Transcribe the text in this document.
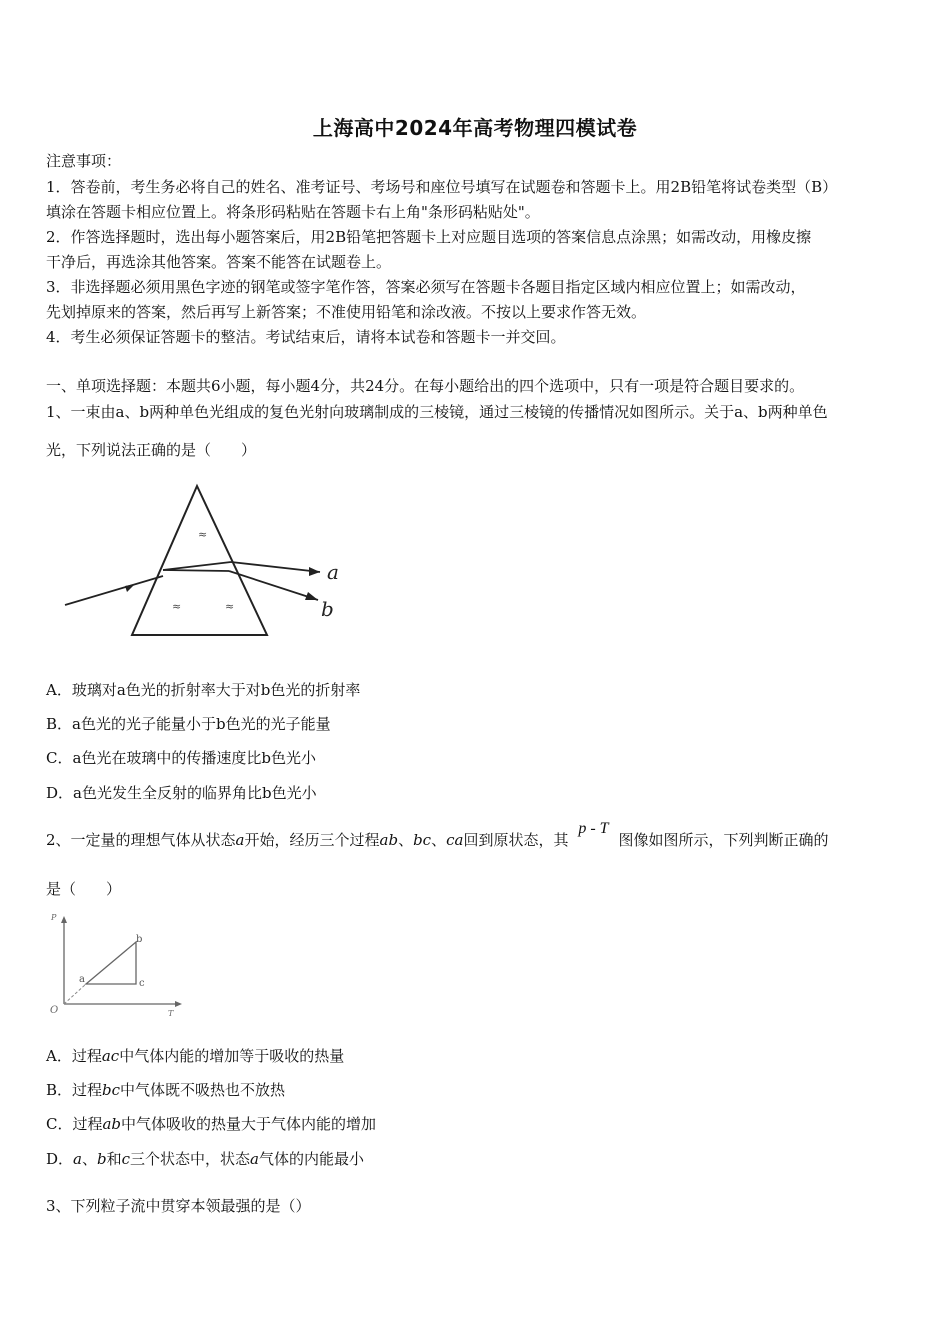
上海高中2024年高考物理四模试卷
注意事项：
1．答卷前，考生务必将自己的姓名、准考证号、考场号和座位号填写在试题卷和答题卡上。用2B铅笔将试卷类型（B）
填涂在答题卡相应位置上。将条形码粘贴在答题卡右上角"条形码粘贴处"。
2．作答选择题时，选出每小题答案后，用2B铅笔把答题卡上对应题目选项的答案信息点涂黑；如需改动，用橡皮擦
干净后，再选涂其他答案。答案不能答在试题卷上。
3．非选择题必须用黑色字迹的钢笔或签字笔作答，答案必须写在答题卡各题目指定区域内相应位置上；如需改动，
先划掉原来的答案，然后再写上新答案；不准使用铅笔和涂改液。不按以上要求作答无效。
4．考生必须保证答题卡的整洁。考试结束后，请将本试卷和答题卡一并交回。
一、单项选择题：本题共6小题，每小题4分，共24分。在每小题给出的四个选项中，只有一项是符合题目要求的。
1、一束由a、b两种单色光组成的复色光射向玻璃制成的三棱镜，通过三棱镜的传播情况如图所示。关于a、b两种单色
光，下列说法正确的是（　　）
≈
≈	≈
a
b
A．玻璃对a色光的折射率大于对b色光的折射率
B．a色光的光子能量小于b色光的光子能量
C．a色光在玻璃中的传播速度比b色光小
D．a色光发生全反射的临界角比b色光小
2、一定量的理想气体从状态a开始，经历三个过程ab、bc、ca回到原状态，其p - T图像如图所示，下列判断正确的
是（　　）
P
T
O
a
b
c
A．过程ac中气体内能的增加等于吸收的热量
B．过程bc中气体既不吸热也不放热
C．过程ab中气体吸收的热量大于气体内能的增加
D．a、b和c三个状态中，状态a气体的内能最小
3、下列粒子流中贯穿本领最强的是（）
